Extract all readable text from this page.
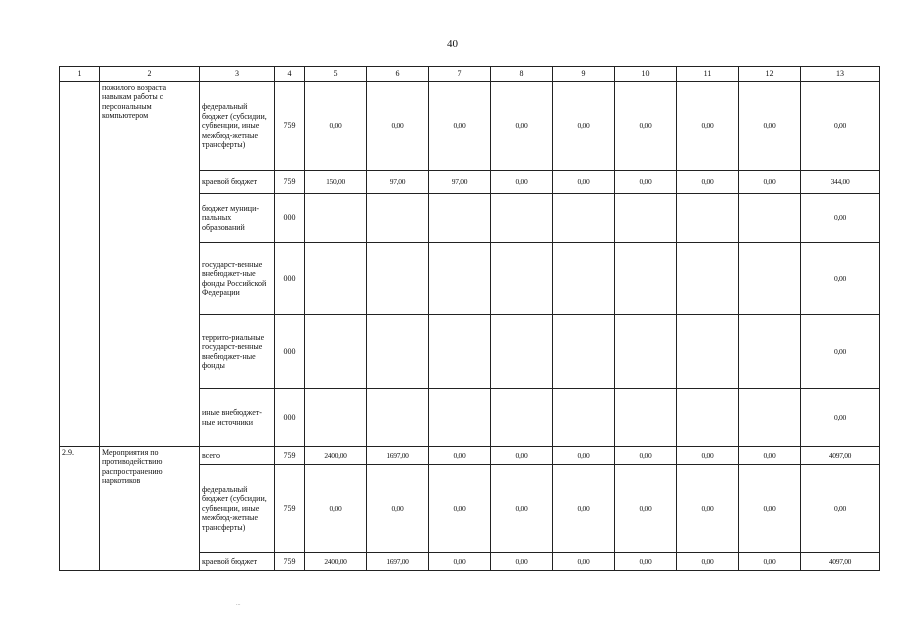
40
1	2	3	4	5	6	7	8	9	10	11	12	13
	пожилого возраста навыкам работы с персональным компьютером	федеральный бюджет (субсидии, субвенции, иные межбюд-жетные трансферты)	759	0,00	0,00	0,00	0,00	0,00	0,00	0,00	0,00	0,00
		краевой бюджет	759	150,00	97,00	97,00	0,00	0,00	0,00	0,00	0,00	344,00
		бюджет муници-пальных образований	000									0,00
		государст-венные внебюджет-ные фонды Российской Федерации	000									0,00
		террито-риальные государст-венные внебюджет-ные фонды	000									0,00
		иные внебюджет-ные источники	000									0,00
2.9.	Мероприятия по противодействию распространению наркотиков	всего	759	2400,00	1697,00	0,00	0,00	0,00	0,00	0,00	0,00	4097,00
		федеральный бюджет (субсидии, субвенции, иные межбюд-жетные трансферты)	759	0,00	0,00	0,00	0,00	0,00	0,00	0,00	0,00	0,00
		краевой бюджет	759	2400,00	1697,00	0,00	0,00	0,00	0,00	0,00	0,00	4097,00
...
